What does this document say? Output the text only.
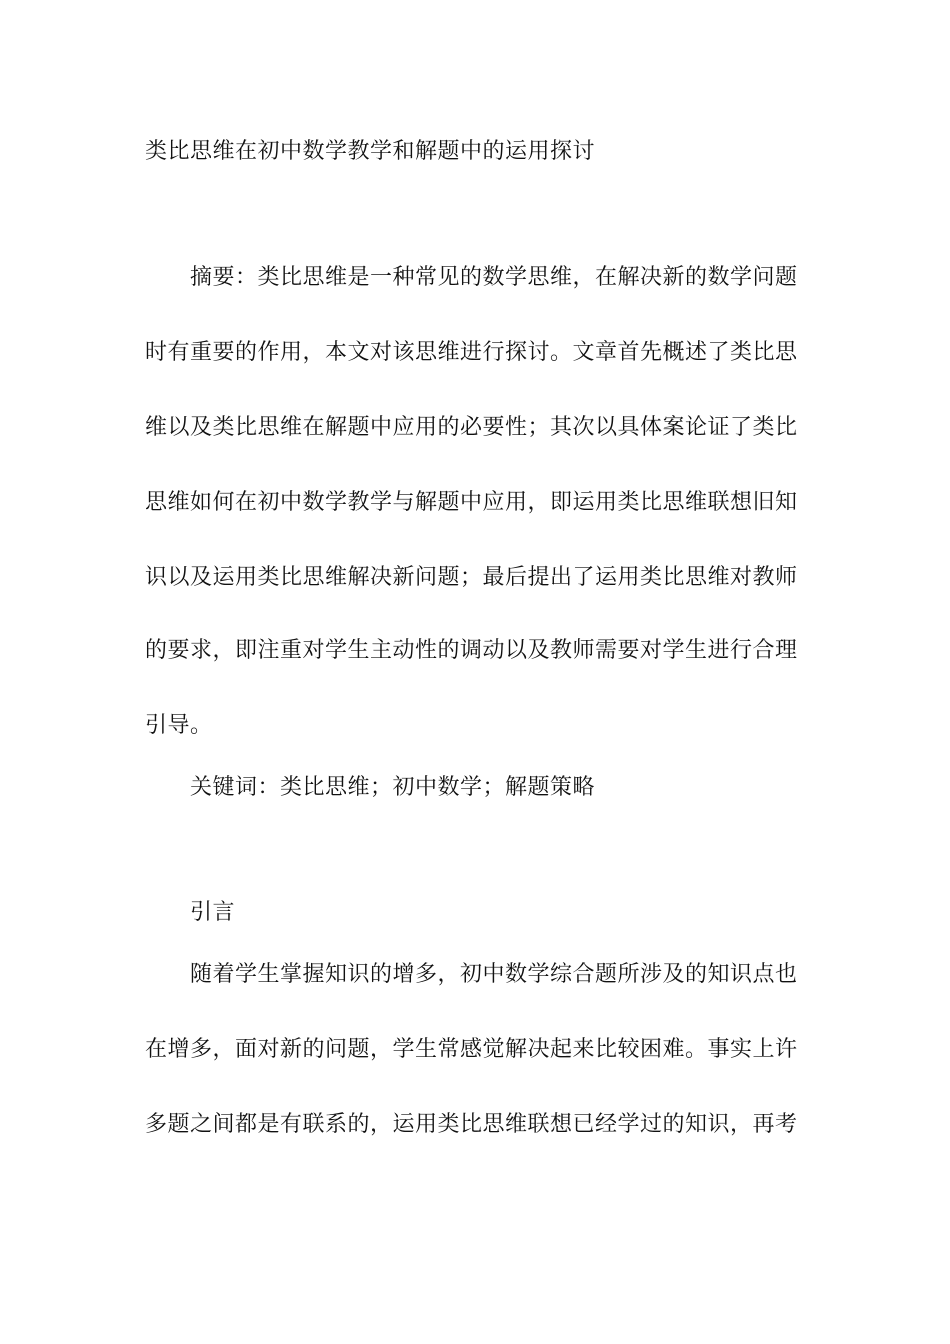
类比思维在初中数学教学和解题中的运用探讨
摘要：类比思维是一种常见的数学思维，在解决新的数学问题
时有重要的作用，本文对该思维进行探讨。文章首先概述了类比思
维以及类比思维在解题中应用的必要性；其次以具体案论证了类比
思维如何在初中数学教学与解题中应用，即运用类比思维联想旧知
识以及运用类比思维解决新问题；最后提出了运用类比思维对教师
的要求，即注重对学生主动性的调动以及教师需要对学生进行合理
引导。
关键词：类比思维；初中数学；解题策略
引言
随着学生掌握知识的增多，初中数学综合题所涉及的知识点也
在增多，面对新的问题，学生常感觉解决起来比较困难。事实上许
多题之间都是有联系的，运用类比思维联想已经学过的知识，再考
